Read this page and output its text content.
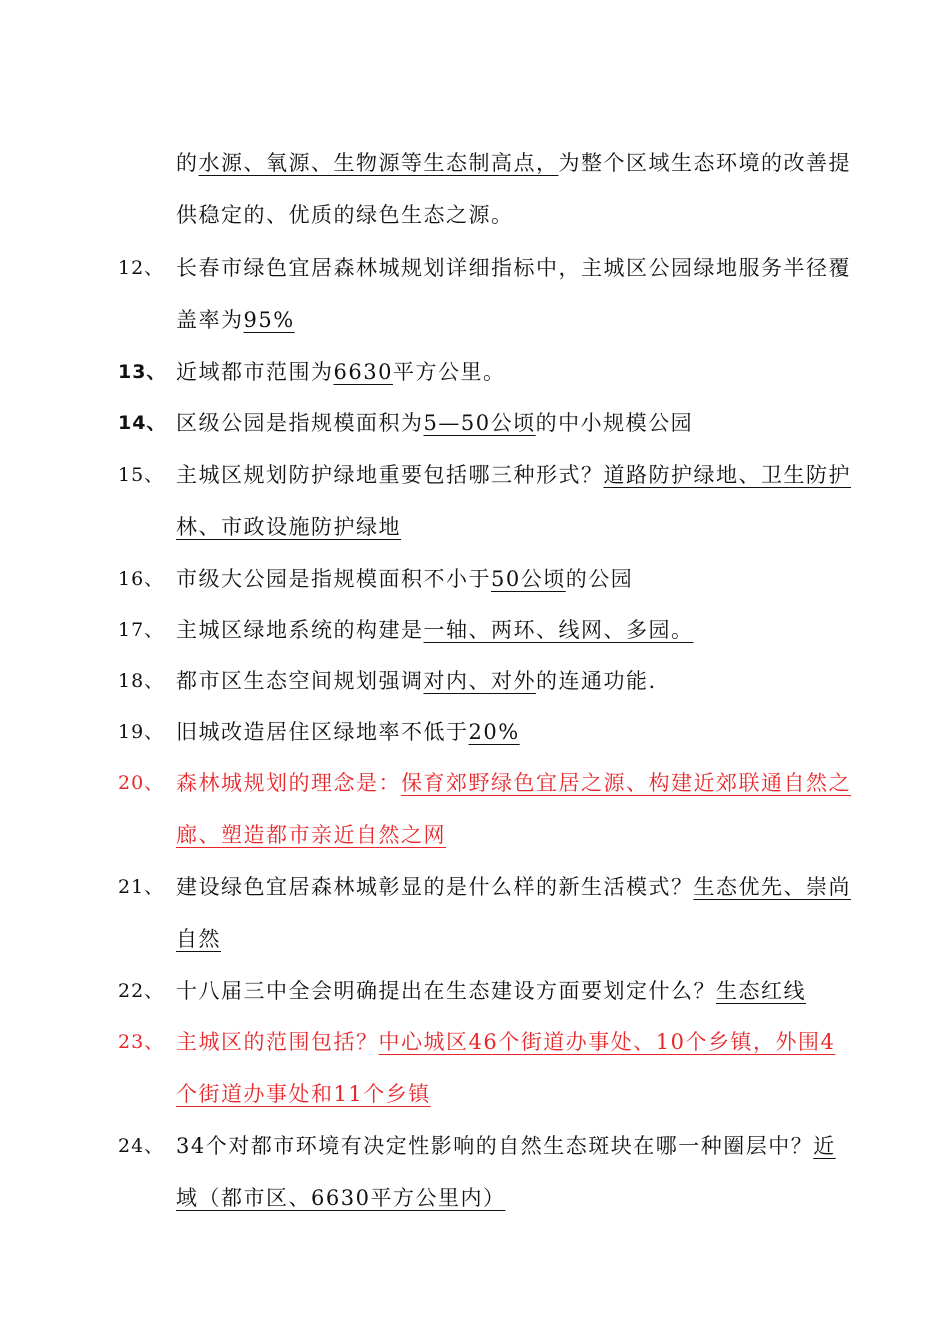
的水源、氧源、生物源等生态制高点，为整个区域生态环境的改善提
供稳定的、优质的绿色生态之源。
12、 长春市绿色宜居森林城规划详细指标中，主城区公园绿地服务半径覆
盖率为95%
13、 近域都市范围为6630平方公里。
14、 区级公园是指规模面积为5—50公顷的中小规模公园
15、 主城区规划防护绿地重要包括哪三种形式？道路防护绿地、卫生防护
林、市政设施防护绿地
16、 市级大公园是指规模面积不小于50公顷的公园
17、 主城区绿地系统的构建是一轴、两环、线网、多园。
18、 都市区生态空间规划强调对内、对外的连通功能.
19、 旧城改造居住区绿地率不低于20%
20、 森林城规划的理念是：保育郊野绿色宜居之源、构建近郊联通自然之
廊、塑造都市亲近自然之网
21、 建设绿色宜居森林城彰显的是什么样的新生活模式？生态优先、崇尚
自然
22、 十八届三中全会明确提出在生态建设方面要划定什么？生态红线
23、 主城区的范围包括？中心城区46个街道办事处、10个乡镇，外围4
个街道办事处和11个乡镇
24、 34个对都市环境有决定性影响的自然生态斑块在哪一种圈层中？近
域（都市区、6630平方公里内）
